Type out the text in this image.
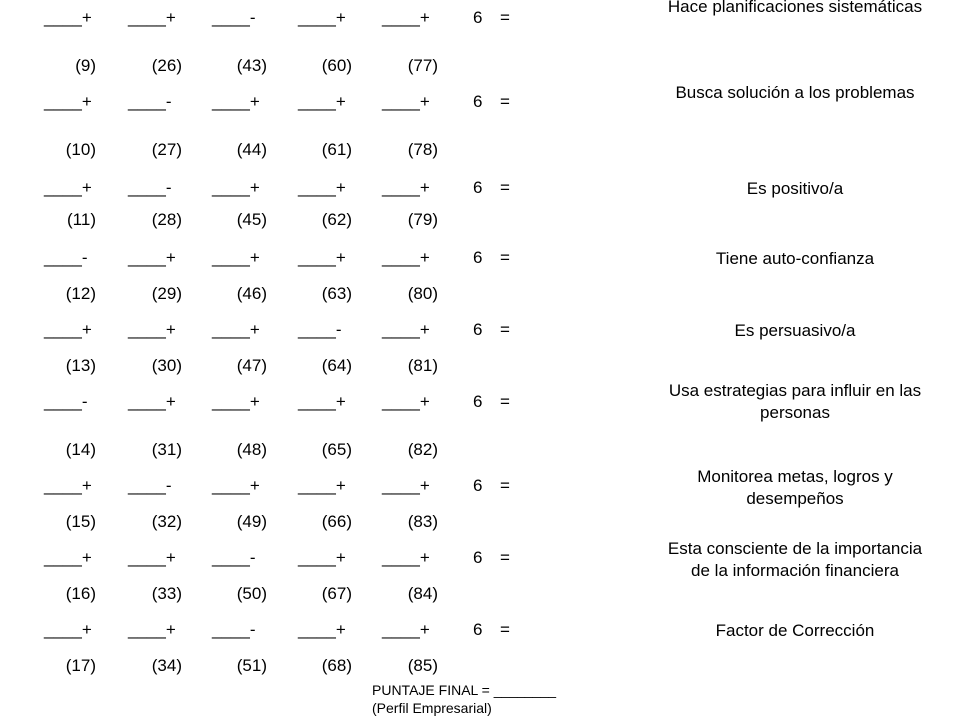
____+ ____+ ____-	____+ ____+	6 =
Hace planificaciones sistemáticas
(9)	(26)	(43)	(60)	(77)
____+ ____- ____+ ____+ ____+	6 =	Busca solución a los problemas
(10)	(27)	(44)	(61)	(78)
____+ ____- ____+ ____+ ____+	6 =	Es positivo/a
(11)	(28)	(45)	(62)	(79)
____- ____+ ____+ ____+ ____+	6 =	Tiene auto-confianza
(12)	(29)	(46)	(63)	(80)
____+ ____+ ____+ ____- ____+	6 =	Es persuasivo/a
(13)	(30)	(47)	(64)	(81)
____- ____+ ____+ ____+ ____+	6 =
Usa estrategias para influir en las personas
(14)	(31)	(48)	(65)	(82)
____+ ____- ____+ ____+ ____+	6 =	Monitorea metas, logros y desempeños
(15)	(32)	(49)	(66)	(83)
____+ ____+ ____-	____+ ____+	6 =	Esta consciente de la importancia de la información financiera
(16)	(33)	(50)	(67)	(84)
____+ ____+ ____-	____+ ____+	6 =	Factor de Corrección
(17)	(34)	(51)	(68)	(85)
PUNTAJE FINAL = ________
(Perfil Empresarial)
